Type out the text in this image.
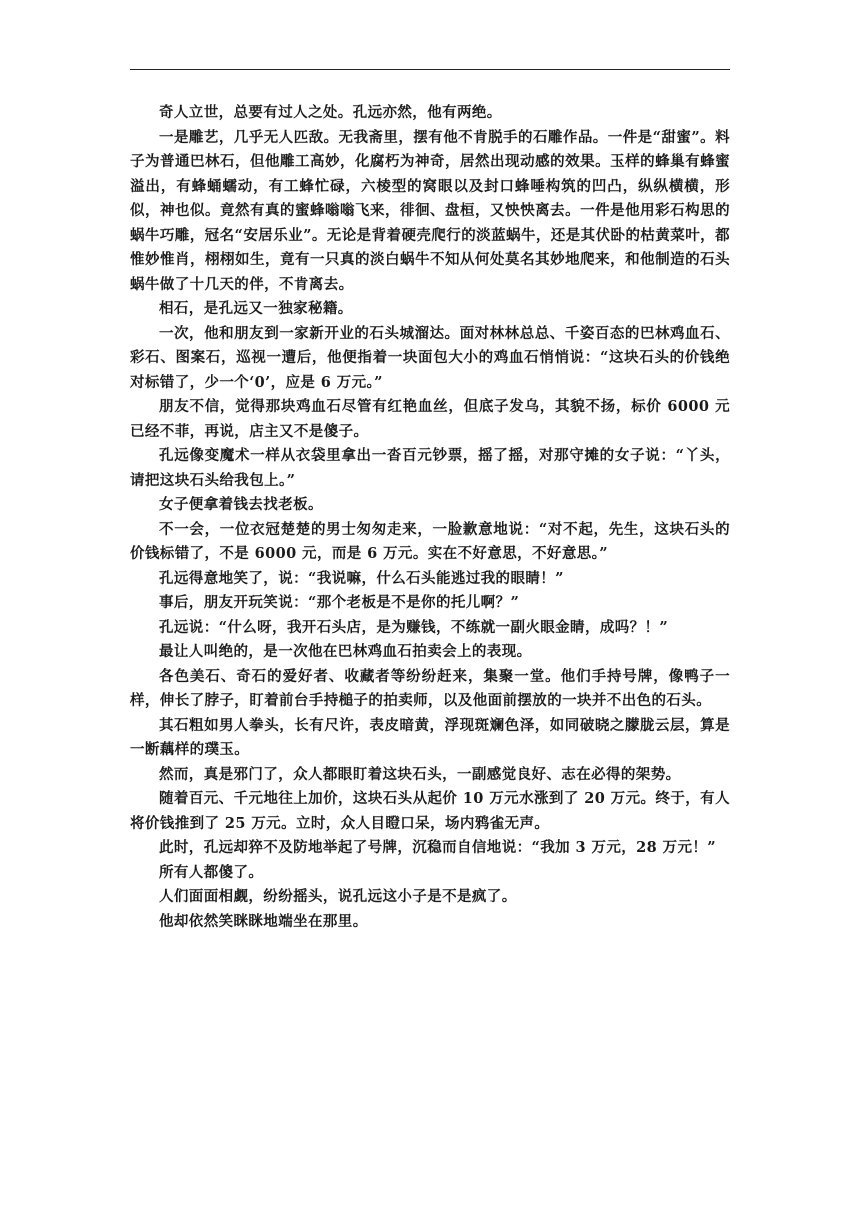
奇人立世，总要有过人之处。孔远亦然，他有两绝。

一是雕艺，几乎无人匹敌。无我斋里，摆有他不肯脱手的石雕作品。一件是“甜蜜”。料子为普通巴林石，但他雕工高妙，化腐朽为神奇，居然出现动感的效果。玉样的蜂巢有蜂蜜溢出，有蜂蛹蠕动，有工蜂忙碌，六棱型的窝眼以及封口蜂唾构筑的凹凸，纵纵横横，形似，神也似。竟然有真的蜜蜂嗡嗡飞来，徘徊、盘桓，又怏怏离去。一件是他用彩石构思的蜗牛巧雕，冠名“安居乐业”。无论是背着硬壳爬行的淡蓝蜗牛，还是其伏卧的枯黄菜叶，都惟妙惟肖，栩栩如生，竟有一只真的淡白蜗牛不知从何处莫名其妙地爬来，和他制造的石头蜗牛做了十几天的伴，不肯离去。

相石，是孔远又一独家秘籍。

一次，他和朋友到一家新开业的石头城溜达。面对林林总总、千姿百态的巴林鸡血石、彩石、图案石，巡视一遭后，他便指着一块面包大小的鸡血石悄悄说：“这块石头的价钱绝对标错了，少一个‘0’，应是 6 万元。”

朋友不信，觉得那块鸡血石尽管有红艳血丝，但底子发乌，其貌不扬，标价 6000 元已经不菲，再说，店主又不是傻子。

孔远像变魔术一样从衣袋里拿出一沓百元钞票，摇了摇，对那守摊的女子说：“丫头，请把这块石头给我包上。”

女子便拿着钱去找老板。

不一会，一位衣冠楚楚的男士匆匆走来，一脸歉意地说：“对不起，先生，这块石头的价钱标错了，不是 6000 元，而是 6 万元。实在不好意思，不好意思。”

孔远得意地笑了，说：“我说嘛，什么石头能逃过我的眼睛！”

事后，朋友开玩笑说：“那个老板是不是你的托儿啊？”

孔远说：“什么呀，我开石头店，是为赚钱，不练就一副火眼金睛，成吗？！”

最让人叫绝的，是一次他在巴林鸡血石拍卖会上的表现。

各色美石、奇石的爱好者、收藏者等纷纷赶来，集聚一堂。他们手持号牌，像鸭子一样，伸长了脖子，盯着前台手持槌子的拍卖师，以及他面前摆放的一块并不出色的石头。

其石粗如男人拳头，长有尺许，表皮暗黄，浮现斑斓色泽，如同破晓之朦胧云层，算是一断藕样的璞玉。

然而，真是邪门了，众人都眼盯着这块石头，一副感觉良好、志在必得的架势。

随着百元、千元地往上加价，这块石头从起价 10 万元水涨到了 20 万元。终于，有人将价钱推到了 25 万元。立时，众人目瞪口呆，场内鸦雀无声。

此时，孔远却猝不及防地举起了号牌，沉稳而自信地说：“我加 3 万元，28 万元！”

所有人都傻了。

人们面面相觑，纷纷摇头，说孔远这小子是不是疯了。

他却依然笑眯眯地端坐在那里。
